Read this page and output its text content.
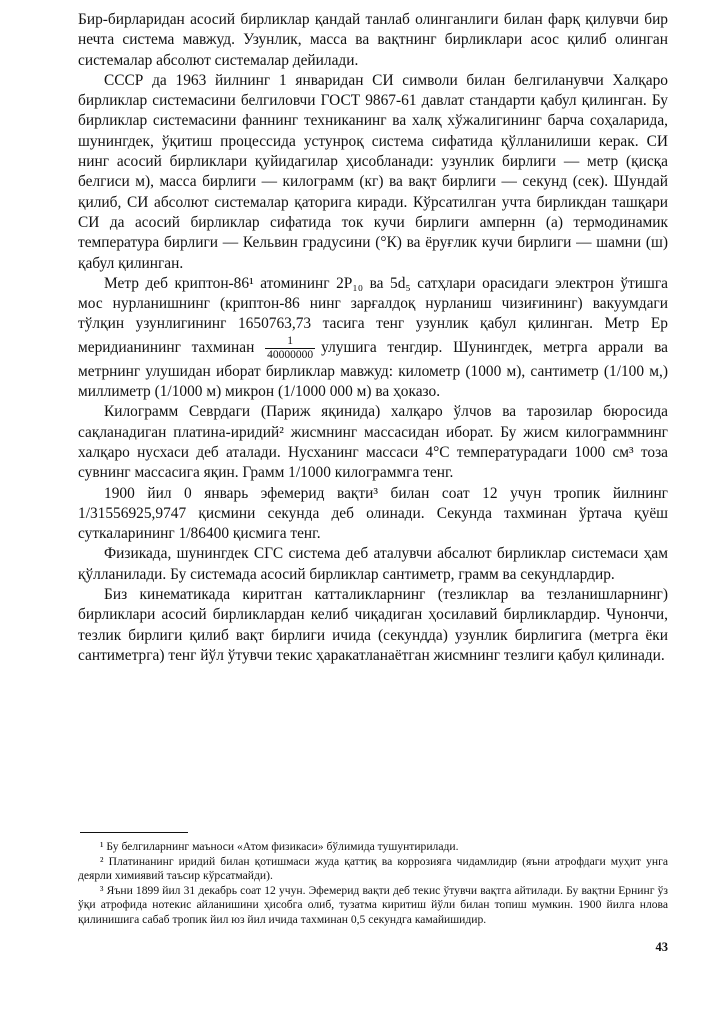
Бир-бирларидан асосий бирликлар қандай танлаб олинганлиги билан фарқ қилувчи бир нечта система мавжуд. Узунлик, масса ва вақтнинг бирликлари асос қилиб олинган системалар абсолют системалар дейилади.

СССР да 1963 йилнинг 1 январидан СИ символи билан белгиланувчи Халқаро бирликлар системасини белгиловчи ГОСТ 9867-61 давлат стандарти қабул қилинган. Бу бирликлар системасини фаннинг техниканинг ва халқ хўжалигининг барча соҳаларида, шунингдек, ўқитиш процессида устунроқ система сифатида қўлланилиши керак. СИ нинг асосий бирликлари қуйидагилар ҳисобланади: узунлик бирлиги — метр (қисқа белгиси м), масса бирлиги — килограмм (кг) ва вақт бирлиги — секунд (сек). Шундай қилиб, СИ абсолют системалар қаторига киради. Кўрсатилган учта бирликдан ташқари СИ да асосий бирликлар сифатида ток кучи бирлиги ампернн (а) термодинамик температура бирлиги — Кельвин градусини (°К) ва ёруғлик кучи бирлиги — шамни (ш) қабул қилинган.

Метр деб криптон-86¹ атомининг 2P₁₀ ва 5d₅ сатҳлари орасидаги электрон ўтишга мос нурланишнинг (криптон-86 нинг зарғалдоқ нурланиш чизиғининг) вакуумдаги тўлқин узунлигининг 1650763,73 тасига тенг узунлик қабул қилинган. Метр Ер меридианининг тахминан $\frac{1}{40000000}$ улушига тенгдир. Шунингдек, метрга аррали ва метрнинг улушидан иборат бирликлар мавжуд: километр (1000 м), сантиметр (1/100 м,) миллиметр (1/1000 м) микрон (1/1000 000 м) ва ҳоказо.

Килограмм Севрдаги (Париж яқинида) халқаро ўлчов ва тарозилар бюросида сақланадиган платина-иридий² жисмнинг массасидан иборат. Бу жисм килограммнинг халқаро нусхаси деб аталади. Нусханинг массаси 4°С температурадаги 1000 см³ тоза сувнинг массасига яқин. Грамм 1/1000 килограммга тенг.

1900 йил 0 январь эфемерид вақти³ билан соат 12 учун тропик йилнинг 1/31556925,9747 қисмини секунда деб олинади. Секунда тахминан ўртача қуёш суткаларининг 1/86400 қисмига тенг.

Физикада, шунингдек СГС система деб аталувчи абсалют бирликлар системаси ҳам қўлланилади. Бу системада асосий бирликлар сантиметр, грамм ва секундлардир.

Биз кинематикада киритган катталикларнинг (тезликлар ва тезланишларнинг) бирликлари асосий бирликлардан келиб чиқадиган ҳосилавий бирликлардир. Чунончи, тезлик бирлиги қилиб вақт бирлиги ичида (секундда) узунлик бирлигига (метрга ёки сантиметрга) тенг йўл ўтувчи текис ҳаракатланаётган жисмнинг тезлиги қабул қилинади.

¹ Бу белгиларнинг маъноси «Атом физикаси» бўлимида тушунтирилади.

² Платинанинг иридий билан қотишмаси жуда қаттиқ ва коррозияга чидамлидир (яъни атрофдаги муҳит унга деярли химиявий таъсир кўрсатмайди).

³ Яъни 1899 йил 31 декабрь соат 12 учун. Эфемерид вақти деб текис ўтувчи вақтга айтилади. Бу вақтни Ернинг ўз ўқи атрофида нотекис айланишини ҳисобга олиб, тузатма киритиш йўли билан топиш мумкин. 1900 йилга нлова қилинишига сабаб тропик йил юз йил ичида тахминан 0,5 секундга камайишидир.

43
